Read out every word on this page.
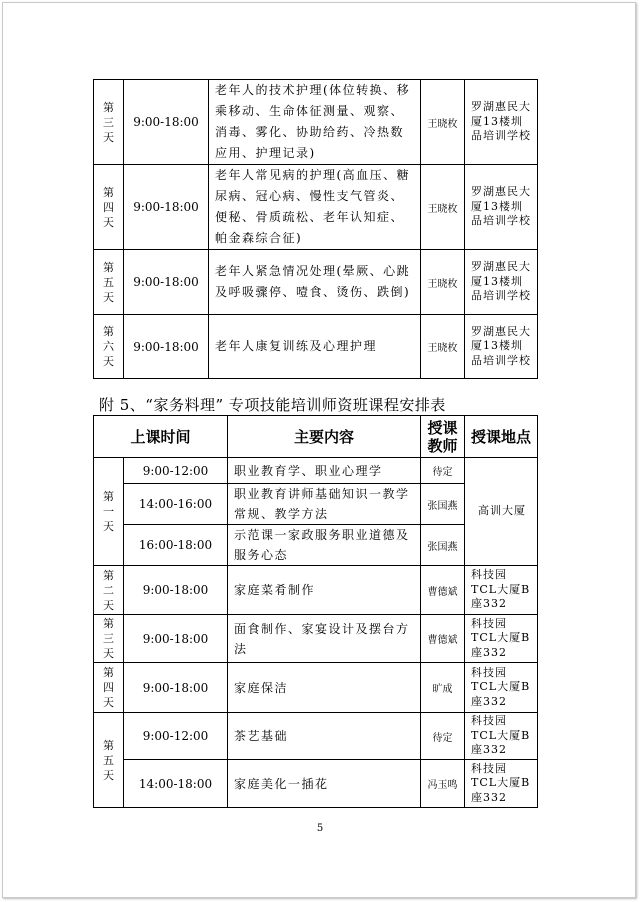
第
三
天	9:00-18:00	老年人的技术护理(体位转换、移乘移动、生命体征测量、观察、消毒、雾化、协助给药、冷热数应用、护理记录)	王晓枚	罗湖惠民大厦13楼圳品培训学校

第
四
天	9:00-18:00	老年人常见病的护理(高血压、糖尿病、冠心病、慢性支气管炎、便秘、骨质疏松、老年认知症、帕金森综合征)	王晓枚	罗湖惠民大厦13楼圳品培训学校

第
五
天	9:00-18:00	老年人紧急情况处理(晕厥、心跳及呼吸骤停、噎食、烫伤、跌倒)	王晓枚	罗湖惠民大厦13楼圳品培训学校

第
六
天	9:00-18:00	老年人康复训练及心理护理	王晓枚	罗湖惠民大厦13楼圳品培训学校
附 5、“家务料理” 专项技能培训师资班课程安排表
上课时间		主要内容	授课教师	授课地点

第
一
天	9:00-12:00	职业教育学、职业心理学	待定	高训大厦
	14:00-16:00	职业教育讲师基础知识一教学常规、教学方法	张国燕	
	16:00-18:00	示范课一家政服务职业道德及服务心态	张国燕	

第
二
天	9:00-18:00	家庭菜肴制作	曹德斌	科技园TCL大厦B座332

第
三
天	9:00-18:00	面食制作、家宴设计及摆台方法	曹德斌	科技园TCL大厦B座332

第
四
天	9:00-18:00	家庭保洁	旷成	科技园TCL大厦B座332

第
五
天	9:00-12:00	茶艺基础	待定	科技园TCL大厦B座332
	14:00-18:00	家庭美化一插花	冯玉鸣	科技园TCL大厦B座332
5
